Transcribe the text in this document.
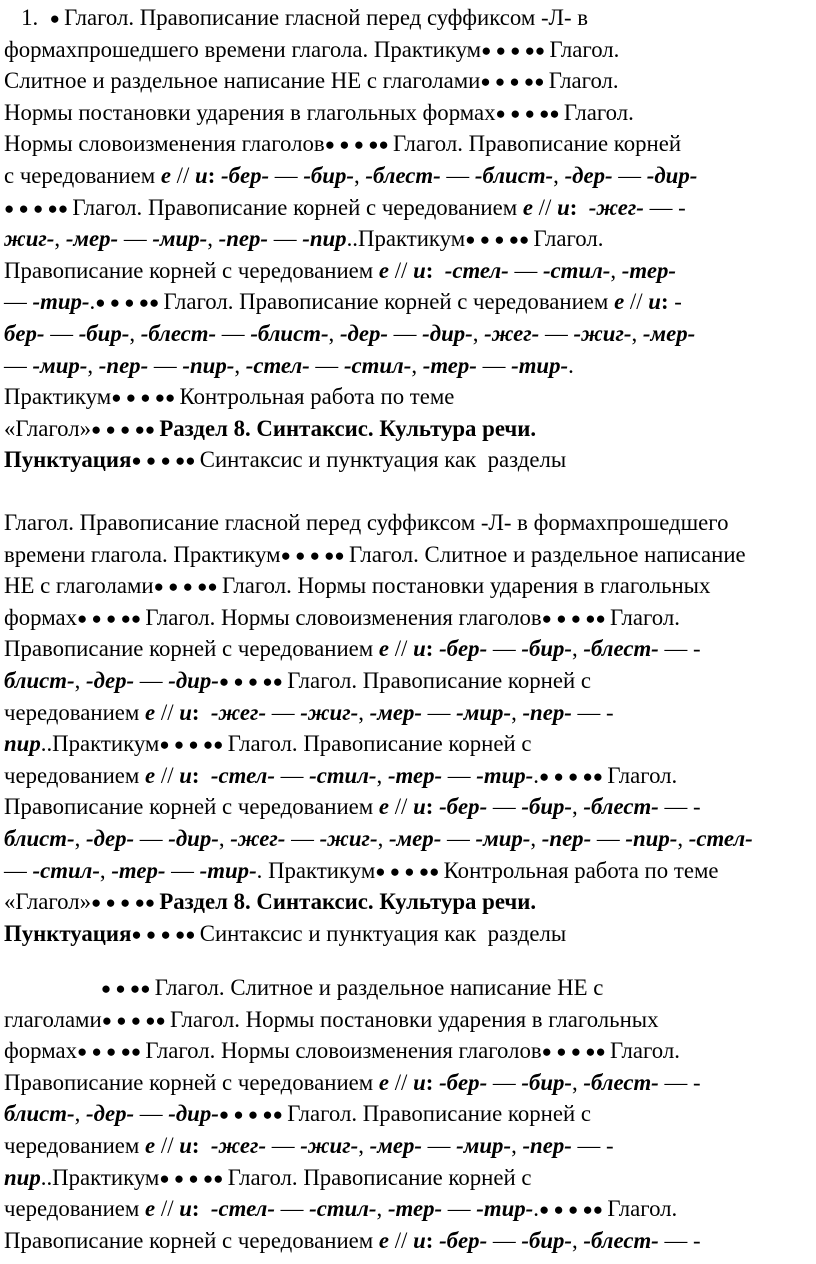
1.  ● Глагол. Правописание гласной перед суффиксом -Л- в
формахпрошедшего времени глагола. Практикум● ● ● ●● Глагол.
Слитное и раздельное написание НЕ с глаголами● ● ● ●● Глагол.
Нормы постановки ударения в глагольных формах● ● ● ●● Глагол.
Нормы словоизменения глаголов● ● ● ●● Глагол. Правописание корней
с чередованием е // и: -бер- — -бир-, -блест- — -блист-, -дер- — -дир-
● ● ● ●● Глагол. Правописание корней с чередованием е // и: -жег- — -
жиг-, -мер- — -мир-, -пер- — -пир..Практикум● ● ● ●● Глагол.
Правописание корней с чередованием е // и: -стел- — -стил-, -тер-
— -тир-.● ● ● ●● Глагол. Правописание корней с чередованием е // и: -
бер- — -бир-, -блест- — -блист-, -дер- — -дир-, -жег- — -жиг-, -мер-
— -мир-, -пер- — -пир-, -стел- — -стил-, -тер- — -тир-.
Практикум● ● ● ●● Контрольная работа по теме
«Глагол»● ● ● ●● Раздел 8. Синтаксис. Культура речи.
Пунктуация● ● ● ●● Синтаксис и пунктуация как  разделы
Глагол. Правописание гласной перед суффиксом -Л- в формахпрошедшего
времени глагола. Практикум● ● ● ●● Глагол. Слитное и раздельное написание
НЕ с глаголами● ● ● ●● Глагол. Нормы постановки ударения в глагольных
формах● ● ● ●● Глагол. Нормы словоизменения глаголов● ● ● ●● Глагол.
Правописание корней с чередованием е // и: -бер- — -бир-, -блест- — -
блист-, -дер- — -дир-● ● ● ●● Глагол. Правописание корней с
чередованием е // и: -жег- — -жиг-, -мер- — -мир-, -пер- — -
пир..Практикум● ● ● ●● Глагол. Правописание корней с
чередованием е // и: -стел- — -стил-, -тер- — -тир-.● ● ● ●● Глагол.
Правописание корней с чередованием е // и: -бер- — -бир-, -блест- — -
блист-, -дер- — -дир-, -жег- — -жиг-, -мер- — -мир-, -пер- — -пир-, -стел-
— -стил-, -тер- — -тир-. Практикум● ● ● ●● Контрольная работа по теме
«Глагол»● ● ● ●● Раздел 8. Синтаксис. Культура речи.
Пунктуация● ● ● ●● Синтаксис и пунктуация как  разделы
● ● ●● Глагол. Слитное и раздельное написание НЕ с
глаголами● ● ● ●● Глагол. Нормы постановки ударения в глагольных
формах● ● ● ●● Глагол. Нормы словоизменения глаголов● ● ● ●● Глагол.
Правописание корней с чередованием е // и: -бер- — -бир-, -блест- — -
блист-, -дер- — -дир-● ● ● ●● Глагол. Правописание корней с
чередованием е // и: -жег- — -жиг-, -мер- — -мир-, -пер- — -
пир..Практикум● ● ● ●● Глагол. Правописание корней с
чередованием е // и: -стел- — -стил-, -тер- — -тир-.● ● ● ●● Глагол.
Правописание корней с чередованием е // и: -бер- — -бир-, -блест- — -
